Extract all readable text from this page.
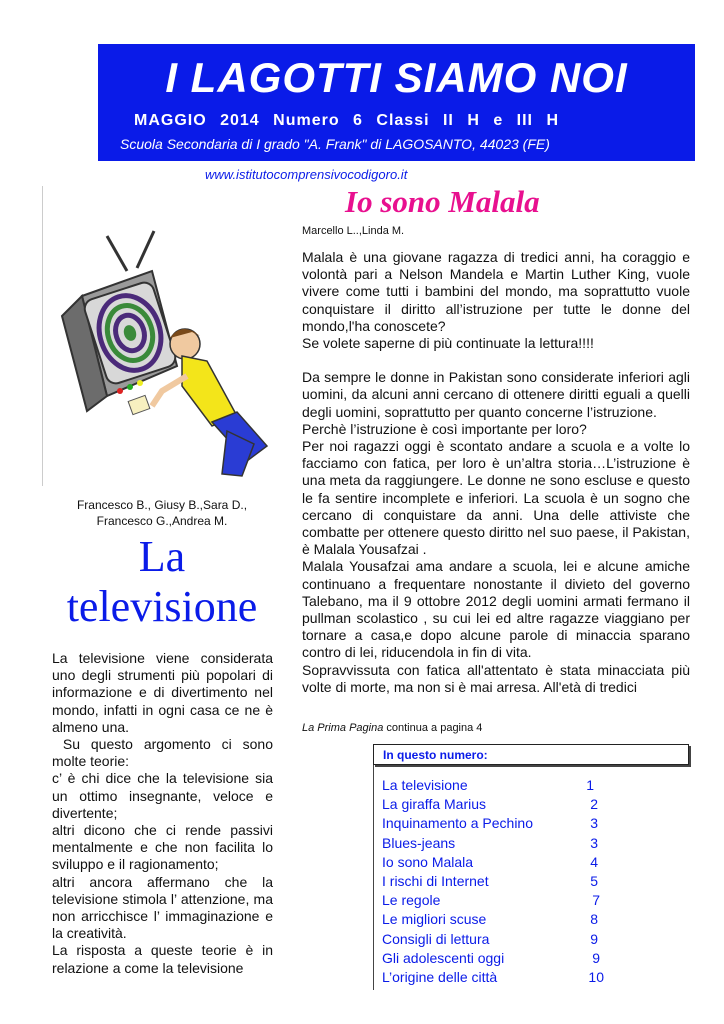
I LAGOTTI SIAMO NOI
MAGGIO 2014 Numero 6 Classi II H e III H
Scuola Secondaria di I grado "A. Frank" di LAGOSANTO, 44023 (FE)
www.istitutocomprensivocodigoro.it
Francesco B., Giusy B.,Sara D.,
Francesco G.,Andrea M.
La
televisione

La televisione viene considerata uno degli strumenti più popolari di informazione e di divertimento nel mondo, infatti in ogni casa ce ne è almeno una.

Su questo argomento ci sono molte teorie:

c’ è chi dice che la televisione sia un ottimo insegnante, veloce e divertente;

altri dicono che ci rende passivi mentalmente e che non facilita lo sviluppo e il ragionamento;

altri ancora affermano che la televisione stimola l’ attenzione, ma non arricchisce l’ immaginazione e la creatività.

La risposta a queste teorie è in relazione a come la televisione

Io sono Malala
Marcello L..,Linda M.

Malala è una giovane ragazza di tredici anni, ha coraggio e volontà pari a Nelson Mandela e Martin Luther King, vuole vivere come tutti i bambini del mondo, ma soprattutto vuole conquistare il diritto all’istruzione per tutte le donne del mondo,l'ha conoscete?

Se volete saperne di più continuate la lettura!!!!

Da sempre le donne in Pakistan sono considerate inferiori agli uomini, da alcuni anni cercano di ottenere diritti eguali a quelli degli uomini, soprattutto per quanto concerne l’istruzione.

Perchè l’istruzione è così importante per loro?

Per noi ragazzi oggi è scontato andare a scuola e a volte lo facciamo con fatica, per loro è un’altra storia…L’istruzione è una meta da raggiungere. Le donne ne sono escluse e questo le fa sentire incomplete e inferiori. La scuola è un sogno che cercano di conquistare da anni. Una delle attiviste che combatte per ottenere questo diritto nel suo paese, il Pakistan, è Malala Yousafzai .

Malala Yousafzai ama andare a scuola, lei e alcune amiche continuano a frequentare nonostante il divieto del governo Talebano, ma il 9 ottobre 2012 degli uomini armati fermano il pullman scolastico , su cui lei ed altre ragazze viaggiano per tornare a casa,e dopo alcune parole di minaccia sparano contro di lei, riducendola in fin di vita.

Sopravvissuta con fatica all'attentato è stata minacciata più volte di morte, ma non si è mai arresa. All'età di tredici

La Prima Pagina continua a pagina 4
In questo numero:
La televisione	1
La giraffa Marius	2
Inquinamento a Pechino	3
Blues-jeans	3
Io sono Malala	4
I rischi di Internet	5
Le regole	7
Le migliori scuse	8
Consigli di lettura	9
Gli adolescenti oggi	9
L’origine delle città	10
